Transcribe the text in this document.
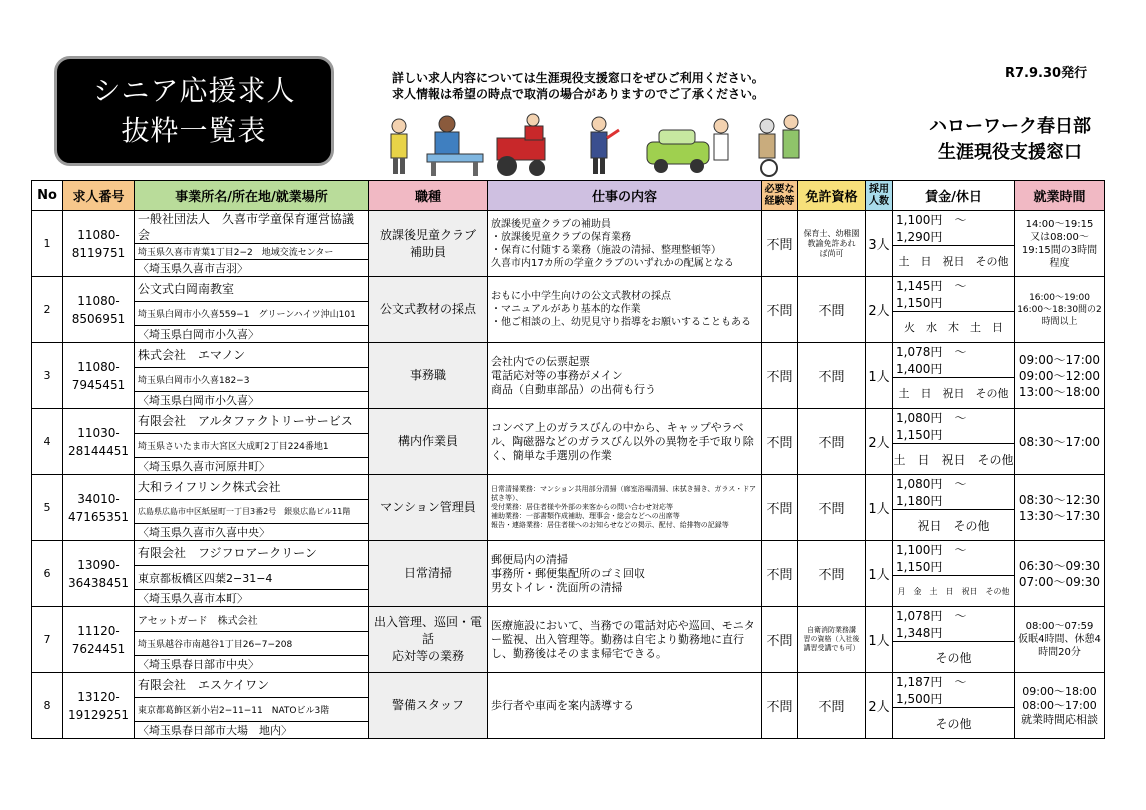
シニア応援求人
抜粋一覧表
詳しい求人内容については生涯現役支援窓口をぜひご利用ください。
求人情報は希望の時点で取消の場合がありますのでご了承ください。
R7.9.30発行
ハローワーク春日部
生涯現役支援窓口
No	求人番号	事業所名/所在地/就業場所	職種	仕事の内容	必要な
経験等	免許資格	採用
人数	賃金/休日	就業時間
1	11080-
8119751	一般社団法人　久喜市学童保育運営協議会	放課後児童クラブ
補助員	放課後児童クラブの補助員
・放課後児童クラブの保育業務
・保育に付随する業務（施設の清掃、整理整頓等）
久喜市内17カ所の学童クラブのいずれかの配属となる	不問	保育士、幼稚園
教諭免許あれ
ば尚可	3人	1,100円　〜　1,290円	14:00〜19:15
又は08:00〜
19:15間の3時間
程度
		埼玉県久喜市青葉1丁目2−2　地域交流センター							
								土　日　祝日　その他	
		〈埼玉県久喜市吉羽〉							
2	11080-
8506951	公文式白岡南教室	公文式教材の採点	おもに小中学生向けの公文式教材の採点
・マニュアルがあり基本的な作業
・他ご相談の上、幼児見守り指導をお願いすることもある	不問	不問	2人	1,145円　〜　1,150円	16:00〜19:00
16:00〜18:30間の2
時間以上
		埼玉県白岡市小久喜559−1　グリーンハイツ沖山101							
								火　水　木　土　日	
		〈埼玉県白岡市小久喜〉							
3	11080-
7945451	株式会社　エマノン	事務職	会社内での伝票起票
電話応対等の事務がメイン
商品（自動車部品）の出荷も行う	不問	不問	1人	1,078円　〜　1,400円	09:00〜17:00
09:00〜12:00
13:00〜18:00
		埼玉県白岡市小久喜182−3							
								土　日　祝日　その他	
		〈埼玉県白岡市小久喜〉							
4	11030-
28144451	有限会社　アルタファクトリーサービス	構内作業員	コンベア上のガラスびんの中から、キャップやラベル、陶磁器などのガラスびん以外の異物を手で取り除く、簡単な手選別の作業	不問	不問	2人	1,080円　〜　1,150円	08:30〜17:00
		埼玉県さいたま市大宮区大成町2丁目224番地1							
								土　日　祝日　その他	
		〈埼玉県久喜市河原井町〉							
5	34010-
47165351	大和ライフリンク株式会社	マンション管理員	日常清掃業務：マンション共用部分清掃（廊室浴場清掃、床拭き掃き、ガラス・ドア拭き等）、
受付業務：居住者様や外部の来客からの問い合わせ対応等
補助業務：一部書類作成補助、理事会・総会などへの出席等
報告・連絡業務：居住者様へのお知らせなどの掲示、配付、給排物の記録等	不問	不問	1人	1,080円　〜　1,180円	08:30〜12:30
13:30〜17:30
		広島県広島市中区紙屋町一丁目3番2号　銀泉広島ビル11階							
								祝日　その他	
		〈埼玉県久喜市久喜中央〉							
6	13090-
36438451	有限会社　フジフロアークリーン	日常清掃	郵便局内の清掃
事務所・郵便集配所のゴミ回収
男女トイレ・洗面所の清掃	不問	不問	1人	1,100円　〜　1,150円	06:30〜09:30
07:00〜09:30
		東京都板橋区四葉2−31−4							
								月　金　土　日　祝日　その他	
		〈埼玉県久喜市本町〉							
7	11120-
7624451	アセットガード　株式会社	出入管理、巡回・電話
応対等の業務	医療施設において、当務での電話対応や巡回、モニター監視、出入管理等。勤務は自宅より勤務地に直行し、勤務後はそのまま帰宅できる。	不問	自衛消防業務講
習の資格（入社後
講習受講でも可）	1人	1,078円　〜　1,348円	08:00〜07:59
仮眠4時間、休憩4
時間20分
		埼玉県越谷市南越谷1丁目26−7−208							
								その他	
		〈埼玉県春日部市中央〉							
8	13120-
19129251	有限会社　エスケイワン	警備スタッフ	歩行者や車両を案内誘導する	不問	不問	2人	1,187円　〜　1,500円	09:00〜18:00
08:00〜17:00
就業時間応相談
		東京都葛飾区新小岩2−11−11　NATOビル3階							
								その他	
		〈埼玉県春日部市大場　地内〉							
